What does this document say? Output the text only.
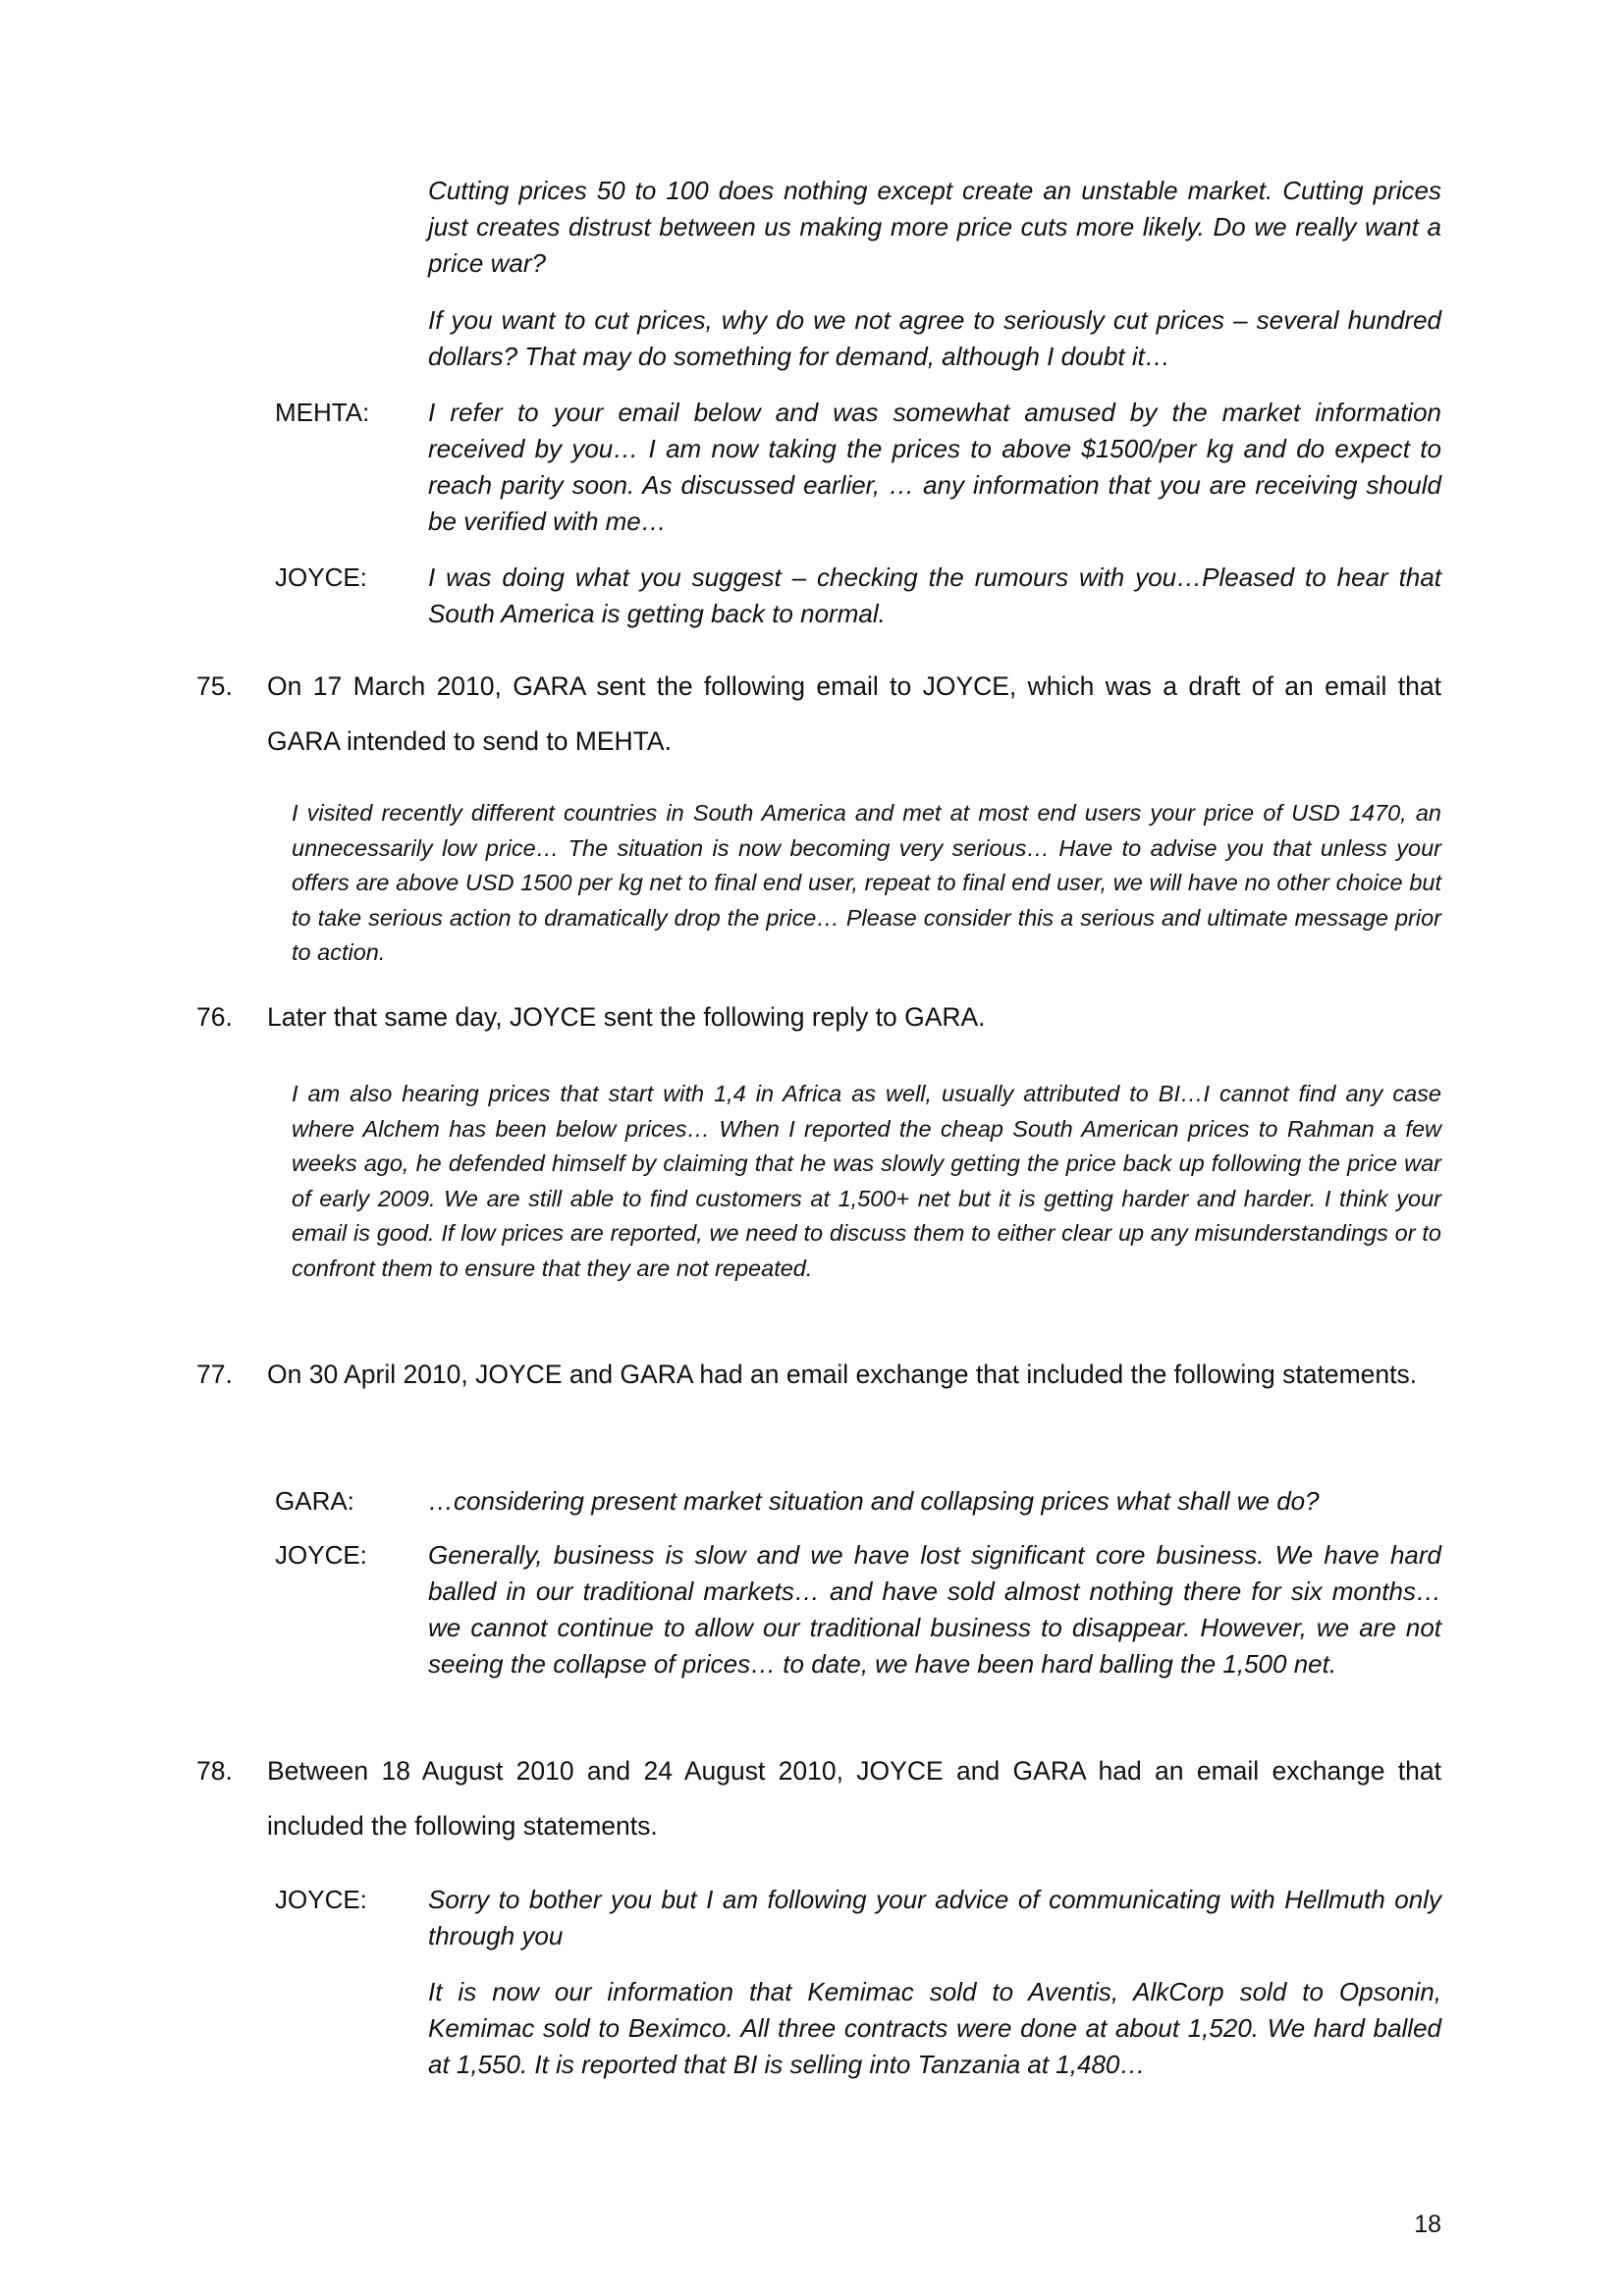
Cutting prices 50 to 100 does nothing except create an unstable market. Cutting prices just creates distrust between us making more price cuts more likely. Do we really want a price war?
If you want to cut prices, why do we not agree to seriously cut prices – several hundred dollars? That may do something for demand, although I doubt it…
MEHTA: I refer to your email below and was somewhat amused by the market information received by you… I am now taking the prices to above $1500/per kg and do expect to reach parity soon. As discussed earlier, … any information that you are receiving should be verified with me…
JOYCE: I was doing what you suggest – checking the rumours with you…Pleased to hear that South America is getting back to normal.
75. On 17 March 2010, GARA sent the following email to JOYCE, which was a draft of an email that GARA intended to send to MEHTA.
I visited recently different countries in South America and met at most end users your price of USD 1470, an unnecessarily low price… The situation is now becoming very serious… Have to advise you that unless your offers are above USD 1500 per kg net to final end user, repeat to final end user, we will have no other choice but to take serious action to dramatically drop the price… Please consider this a serious and ultimate message prior to action.
76. Later that same day, JOYCE sent the following reply to GARA.
I am also hearing prices that start with 1,4 in Africa as well, usually attributed to BI…I cannot find any case where Alchem has been below prices… When I reported the cheap South American prices to Rahman a few weeks ago, he defended himself by claiming that he was slowly getting the price back up following the price war of early 2009. We are still able to find customers at 1,500+ net but it is getting harder and harder. I think your email is good. If low prices are reported, we need to discuss them to either clear up any misunderstandings or to confront them to ensure that they are not repeated.
77. On 30 April 2010, JOYCE and GARA had an email exchange that included the following statements.
GARA:	…considering present market situation and collapsing prices what shall we do?
JOYCE: Generally, business is slow and we have lost significant core business. We have hard balled in our traditional markets… and have sold almost nothing there for six months… we cannot continue to allow our traditional business to disappear. However, we are not seeing the collapse of prices… to date, we have been hard balling the 1,500 net.
78. Between 18 August 2010 and 24 August 2010, JOYCE and GARA had an email exchange that included the following statements.
JOYCE: Sorry to bother you but I am following your advice of communicating with Hellmuth only through you
It is now our information that Kemimac sold to Aventis, AlkCorp sold to Opsonin, Kemimac sold to Beximco. All three contracts were done at about 1,520. We hard balled at 1,550. It is reported that BI is selling into Tanzania at 1,480…
18
